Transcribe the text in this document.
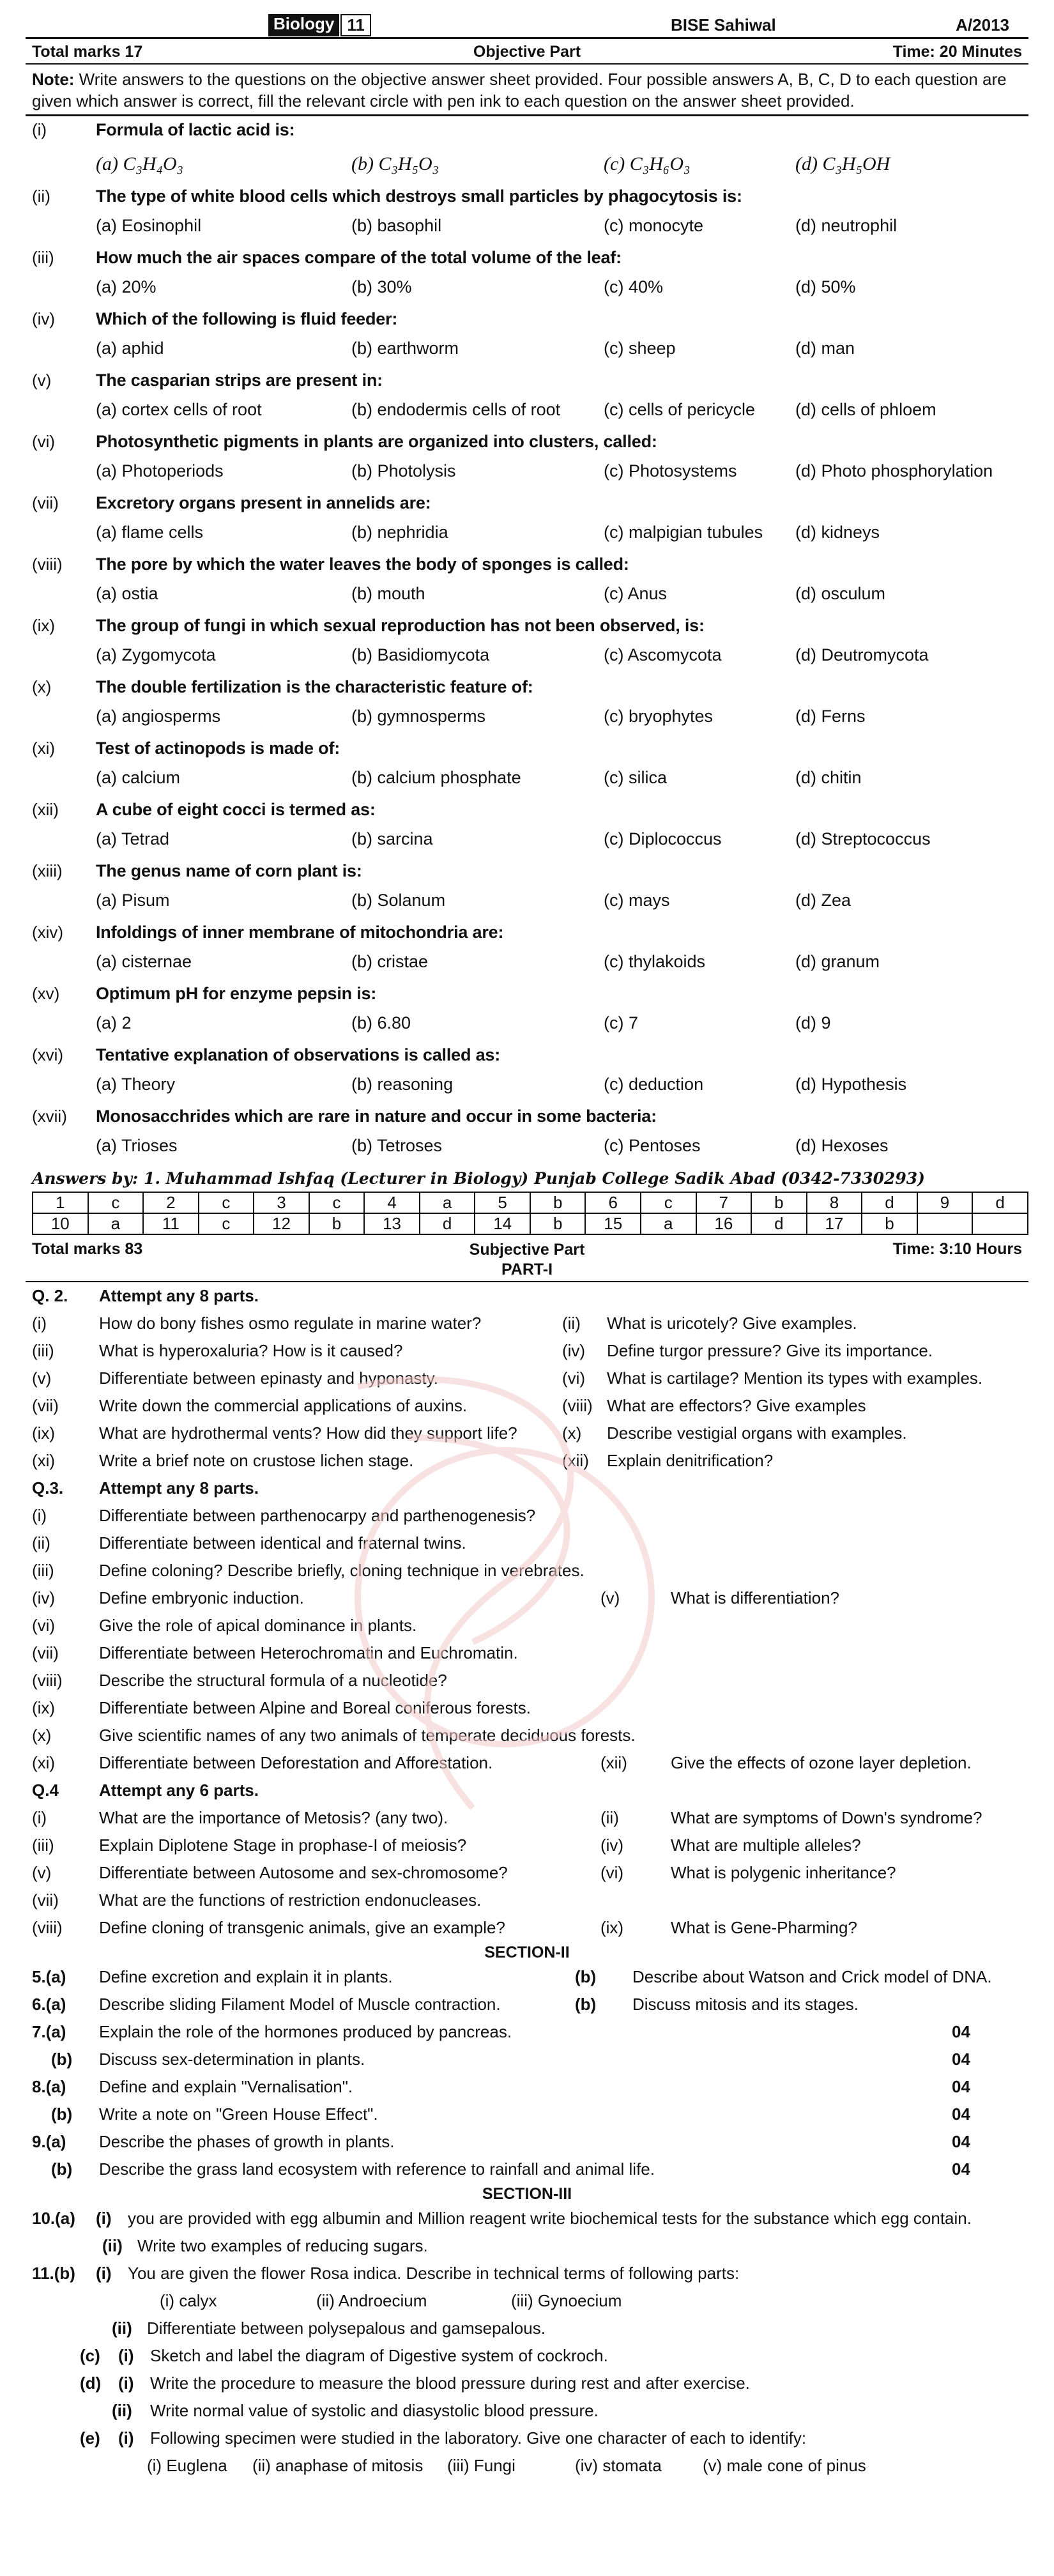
Biology 11	BISE Sahiwal	A/2013
Total marks 17	Objective Part	Time: 20 Minutes
Note: Write answers to the questions on the objective answer sheet provided. Four possible answers A, B, C, D to each question are given which answer is correct, fill the relevant circle with pen ink to each question on the answer sheet provided.
(i)	Formula of lactic acid is:
(a) C₃H₄O₃	(b) C₃H₅O₃	(c) C₃H₆O₃	(d) C₃H₅OH
(ii)	The type of white blood cells which destroys small particles by phagocytosis is:
(a) Eosinophil	(b) basophil	(c) monocyte	(d) neutrophil
(iii) How much the air spaces compare of the total volume of the leaf:
(a) 20%	(b) 30%	(c) 40%	(d) 50%
(iv) Which of the following is fluid feeder:
(a) aphid	(b) earthworm	(c) sheep	(d) man
(v)	The casparian strips are present in:
(a) cortex cells of root	(b) endodermis cells of root	(c) cells of pericycle (d) cells of phloem
(vi) Photosynthetic pigments in plants are organized into clusters, called:
(a) Photoperiods	(b) Photolysis	(c) Photosystems	(d) Photo phosphorylation
(vii) Excretory organs present in annelids are:
(a) flame cells	(b) nephridia	(c) malpigian tubules (d) kidneys
(viii) The pore by which the water leaves the body of sponges is called:
(a) ostia	(b) mouth	(c) Anus	(d) osculum
(ix) The group of fungi in which sexual reproduction has not been observed, is:
(a) Zygomycota	(b) Basidiomycota	(c) Ascomycota	(d) Deutromycota
(x)	The double fertilization is the characteristic feature of:
(a) angiosperms	(b) gymnosperms	(c) bryophytes	(d) Ferns
(xi) Test of actinopods is made of:
(a) calcium	(b) calcium phosphate	(c) silica	(d) chitin
(xii) A cube of eight cocci is termed as:
(a) Tetrad	(b) sarcina	(c) Diplococcus	(d) Streptococcus
(xiii) The genus name of corn plant is:
(a) Pisum	(b) Solanum	(c) mays	(d) Zea
(xiv) Infoldings of inner membrane of mitochondria are:
(a) cisternae	(b) cristae	(c) thylakoids	(d) granum
(xv) Optimum pH for enzyme pepsin is:
(a) 2	(b) 6.80	(c) 7	(d) 9
(xvi) Tentative explanation of observations is called as:
(a) Theory	(b) reasoning	(c) deduction	(d) Hypothesis
(xvii) Monosacchrides which are rare in nature and occur in some bacteria:
(a) Trioses	(b) Tetroses	(c) Pentoses	(d) Hexoses
Answers by: 1. Muhammad Ishfaq (Lecturer in Biology) Punjab College Sadik Abad (0342-7330293)
1	c	2	c	3	c	4	a	5	b	6	c	7	b	8	d	9	d
10	a	11	c	12	b	13	d	14	b	15	a	16	d	17	b		
Total marks 83	Subjective Part
PART-I
Time: 3:10 Hours
Q. 2. Attempt any 8 parts.
(i)	How do bony fishes osmo regulate in marine water?	(ii) What is uricotely? Give examples.
(iii)	What is hyperoxaluria? How is it caused?	(iv) Define turgor pressure? Give its importance.
(v)	Differentiate between epinasty and hyponasty.	(vi) What is cartilage? Mention its types with examples.
(vii) Write down the commercial applications of auxins.	(viii) What are effectors? Give examples
(ix)	What are hydrothermal vents? How did they support life?	(x) Describe vestigial organs with examples.
(xi)	Write a brief note on crustose lichen stage.	(xii) Explain denitrification?
Q.3. Attempt any 8 parts.
(i)	Differentiate between parthenocarpy and parthenogenesis?
(ii)	Differentiate between identical and fraternal twins.
(iii)	Define coloning? Describe briefly, cloning technique in verebrates.
(iv)	Define embryonic induction.	(v)	What is differentiation?
(vi)	Give the role of apical dominance in plants.
(vii) Differentiate between Heterochromatin and Euchromatin.
(viii) Describe the structural formula of a nucleotide?
(ix)	Differentiate between Alpine and Boreal coniferous forests.
(x)	Give scientific names of any two animals of temperate deciduous forests.
(xi)	Differentiate between Deforestation and Afforestation.	(xii)	Give the effects of ozone layer depletion.
Q.4 Attempt any 6 parts.
(i)	What are the importance of Metosis? (any two).	(ii)	What are symptoms of Down's syndrome?
(iii)	Explain Diplotene Stage in prophase-I of meiosis?	(iv)	What are multiple alleles?
(v)	Differentiate between Autosome and sex-chromosome?	(vi)	What is polygenic inheritance?
(vii) What are the functions of restriction endonucleases.
(viii) Define cloning of transgenic animals, give an example?	(ix)	What is Gene-Pharming?
SECTION-II
5.(a) Define excretion and explain it in plants.	(b) Describe about Watson and Crick model of DNA.
6.(a) Describe sliding Filament Model of Muscle contraction.	(b) Discuss mitosis and its stages.
7.(a) Explain the role of the hormones produced by pancreas.	04
(b) Discuss sex-determination in plants.	04
8.(a) Define and explain "Vernalisation".	04
(b) Write a note on "Green House Effect".	04
9.(a) Describe the phases of growth in plants.	04
(b) Describe the grass land ecosystem with reference to rainfall and animal life.	04
SECTION-III
10.(a) (i) you are provided with egg albumin and Million reagent write biochemical tests for the substance which egg contain.
(ii) Write two examples of reducing sugars.
11.(b) (i) You are given the flower Rosa indica. Describe in technical terms of following parts:
(i) calyx	(ii) Androecium	(iii) Gynoecium
(ii) Differentiate between polysepalous and gamsepalous.
(c) (i) Sketch and label the diagram of Digestive system of cockroch.
(d) (i) Write the procedure to measure the blood pressure during rest and after exercise.
(ii) Write normal value of systolic and diasystolic blood pressure.
(e) (i) Following specimen were studied in the laboratory. Give one character of each to identify:
(i) Euglena (ii) anaphase of mitosis (iii) Fungi	(iv) stomata (v) male cone of pinus
